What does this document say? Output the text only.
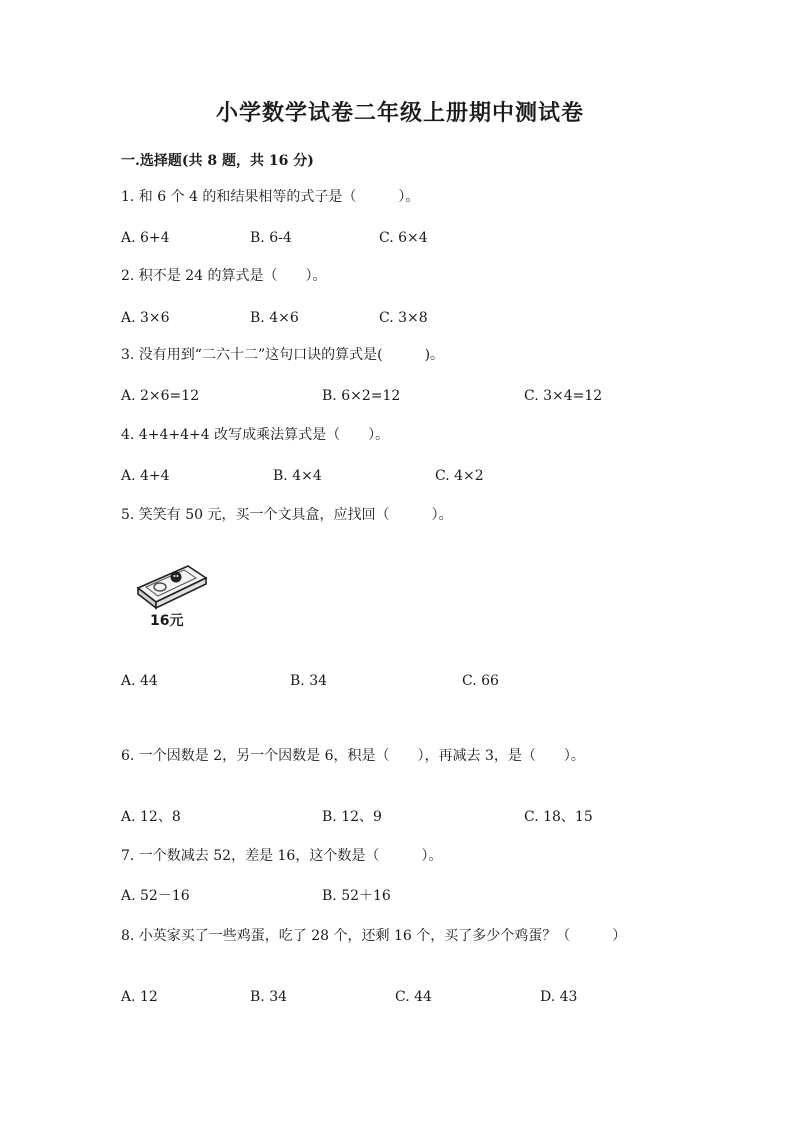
小学数学试卷二年级上册期中测试卷
一.选择题(共 8 题，共 16 分)
1. 和 6 个 4 的和结果相等的式子是（　　　）。
A. 6+4	B. 6-4	C. 6×4
2. 积不是 24 的算式是（　　）。
A. 3×6	B. 4×6	C. 3×8
3. 没有用到“二六十二”这句口诀的算式是(　　　)。
A. 2×6=12	B. 6×2=12	C. 3×4=12
4. 4+4+4+4 改写成乘法算式是（　　）。
A. 4+4	B. 4×4	C. 4×2
5. 笑笑有 50 元，买一个文具盒，应找回（　　　）。
16元
A. 44	B. 34	C. 66
6. 一个因数是 2，另一个因数是 6，积是（　　），再减去 3，是（　　）。
A. 12、8	B. 12、9	C. 18、15
7. 一个数减去 52，差是 16，这个数是（　　　）。
A. 52－16	B. 52＋16
8. 小英家买了一些鸡蛋，吃了 28 个，还剩 16 个，买了多少个鸡蛋？（　　　）
A. 12	B. 34	C. 44	D. 43
